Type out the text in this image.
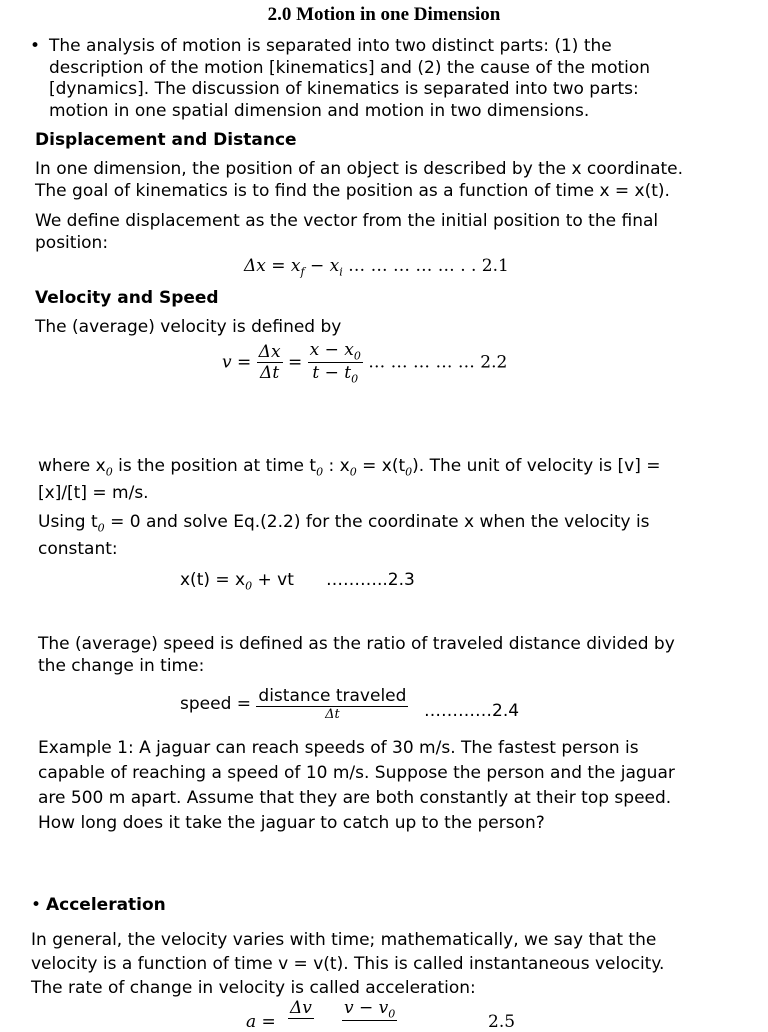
2.0 Motion in one Dimension
• The analysis of motion is separated into two distinct parts: (1) the
description of the motion [kinematics] and (2) the cause of the motion
[dynamics]. The discussion of kinematics is separated into two parts:
motion in one spatial dimension and motion in two dimensions.
Displacement and Distance
In one dimension, the position of an object is described by the x coordinate.
The goal of kinematics is to find the position as a function of time x = x(t).
We define displacement as the vector from the initial position to the final
position:
$\Delta x = x_f - x_i$ … … … … … . . 2.1
Velocity and Speed
The (average) velocity is defined by
$v = \frac{\Delta x}{\Delta t} = \frac{x - x_0}{t - t_0}$ … … … … … 2.2
where $x_0$ is the position at time $t_0$ : $x_0 = x(t_0)$. The unit of velocity is [v] =
[x]/[t] = m/s.
Using $t_0 = 0$ and solve Eq.(2.2) for the coordinate x when the velocity is
constant:
$x(t) = x_0$ + vt ………..2.3
The (average) speed is defined as the ratio of traveled distance divided by
the change in time:
speed = $\frac{\text{distance traveled}}{\Delta t}$ …………2.4
Example 1: A jaguar can reach speeds of 30 m/s. The fastest person is
capable of reaching a speed of 10 m/s. Suppose the person and the jaguar
are 500 m apart. Assume that they are both constantly at their top speed.
How long does it take the jaguar to catch up to the person?
• Acceleration
In general, the velocity varies with time; mathematically, we say that the
velocity is a function of time v = v(t). This is called instantaneous velocity.
The rate of change in velocity is called acceleration:
a =
Δv $v - v_0$	2.5
